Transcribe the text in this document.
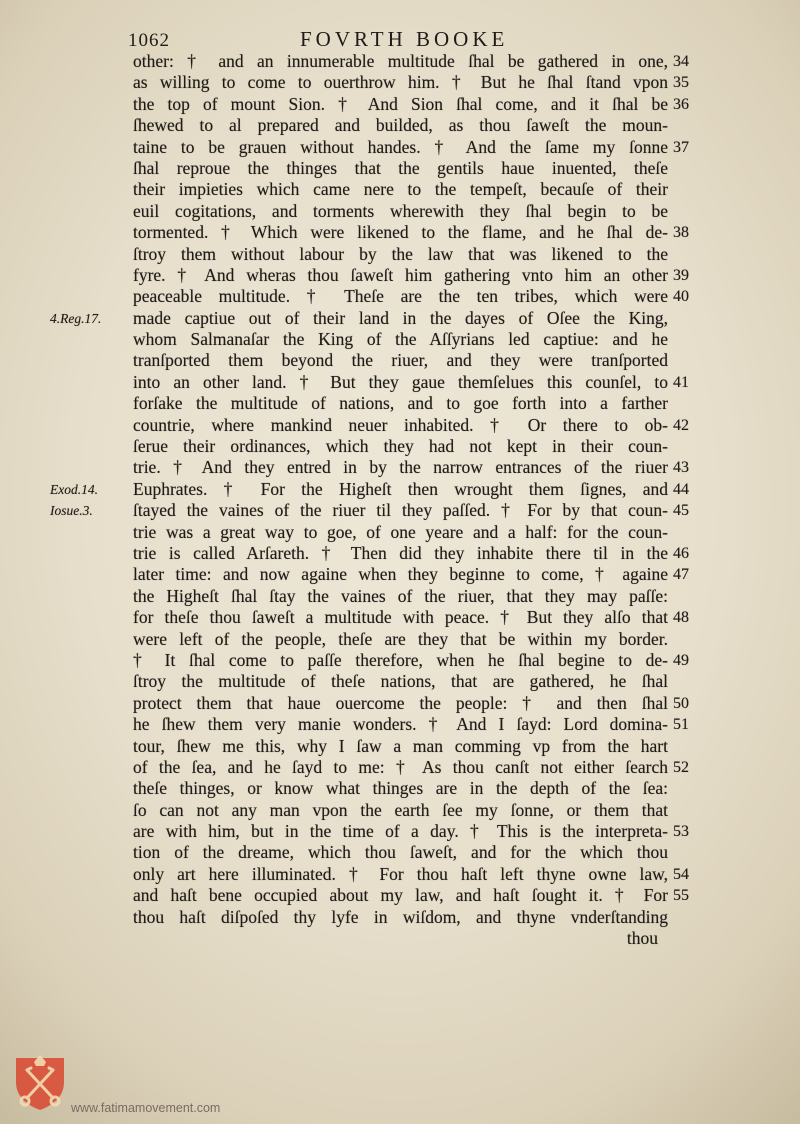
1062	FOVRTH BOOKE
other: † and an innumerable multitude ſhal be gathered in one, 34
as willing to come to ouerthrow him. † But he ſhal ſtand vpon 35
the top of mount Sion. † And Sion ſhal come, and it ſhal be 36
ſhewed to al prepared and builded, as thou ſaweſt the moun-
taine to be grauen without handes. † And the ſame my ſonne 37
ſhal reproue the thinges that the gentils haue inuented, theſe
their impieties which came nere to the tempeſt, becauſe of their
euil cogitations, and torments wherewith they ſhal begin to be
tormented. † Which were likened to the flame, and he ſhal de- 38
ſtroy them without labour by the law that was likened to the
fyre. † And wheras thou ſaweſt him gathering vnto him an other 39
peaceable multitude. † Theſe are the ten tribes, which were 40
made captiue out of their land in the dayes of Oſee the King,
4.Reg.17.
whom Salmanaſar the King of the Aſſyrians led captiue: and he
tranſported them beyond the riuer, and they were tranſported
into an other land. † But they gaue themſelues this counſel, to 41
forſake the multitude of nations, and to goe forth into a farther
countrie, where mankind neuer inhabited. † Or there to ob- 42
ſerue their ordinances, which they had not kept in their coun-
trie. † And they entred in by the narrow entrances of the riuer 43
Euphrates. † For the Higheſt then wrought them ſignes, and 44
Exod.14.
ſtayed the vaines of the riuer til they paſſed. † For by that coun- 45
Iosue.3.
trie was a great way to goe, of one yeare and a half: for the coun-
trie is called Arſareth. † Then did they inhabite there til in the 46
later time: and now againe when they beginne to come, † againe 47
the Higheſt ſhal ſtay the vaines of the riuer, that they may paſſe:
for theſe thou ſaweſt a multitude with peace. † But they alſo that 48
were left of the people, theſe are they that be within my border.
† It ſhal come to paſſe therefore, when he ſhal begine to de- 49
ſtroy the multitude of theſe nations, that are gathered, he ſhal
protect them that haue ouercome the people: † and then ſhal 50
he ſhew them very manie wonders. † And I ſayd: Lord domina- 51
tour, ſhew me this, why I ſaw a man comming vp from the hart
of the ſea, and he ſayd to me: † As thou canſt not either ſearch 52
theſe thinges, or know what thinges are in the depth of the ſea:
ſo can not any man vpon the earth ſee my ſonne, or them that
are with him, but in the time of a day. † This is the interpreta- 53
tion of the dreame, which thou ſaweſt, and for the which thou
only art here illuminated. † For thou haſt left thyne owne law, 54
and haſt bene occupied about my law, and haſt ſought it. † For 55
thou haſt diſpoſed thy lyfe in wiſdom, and thyne vnderſtanding
thou
www.fatimamovement.com
